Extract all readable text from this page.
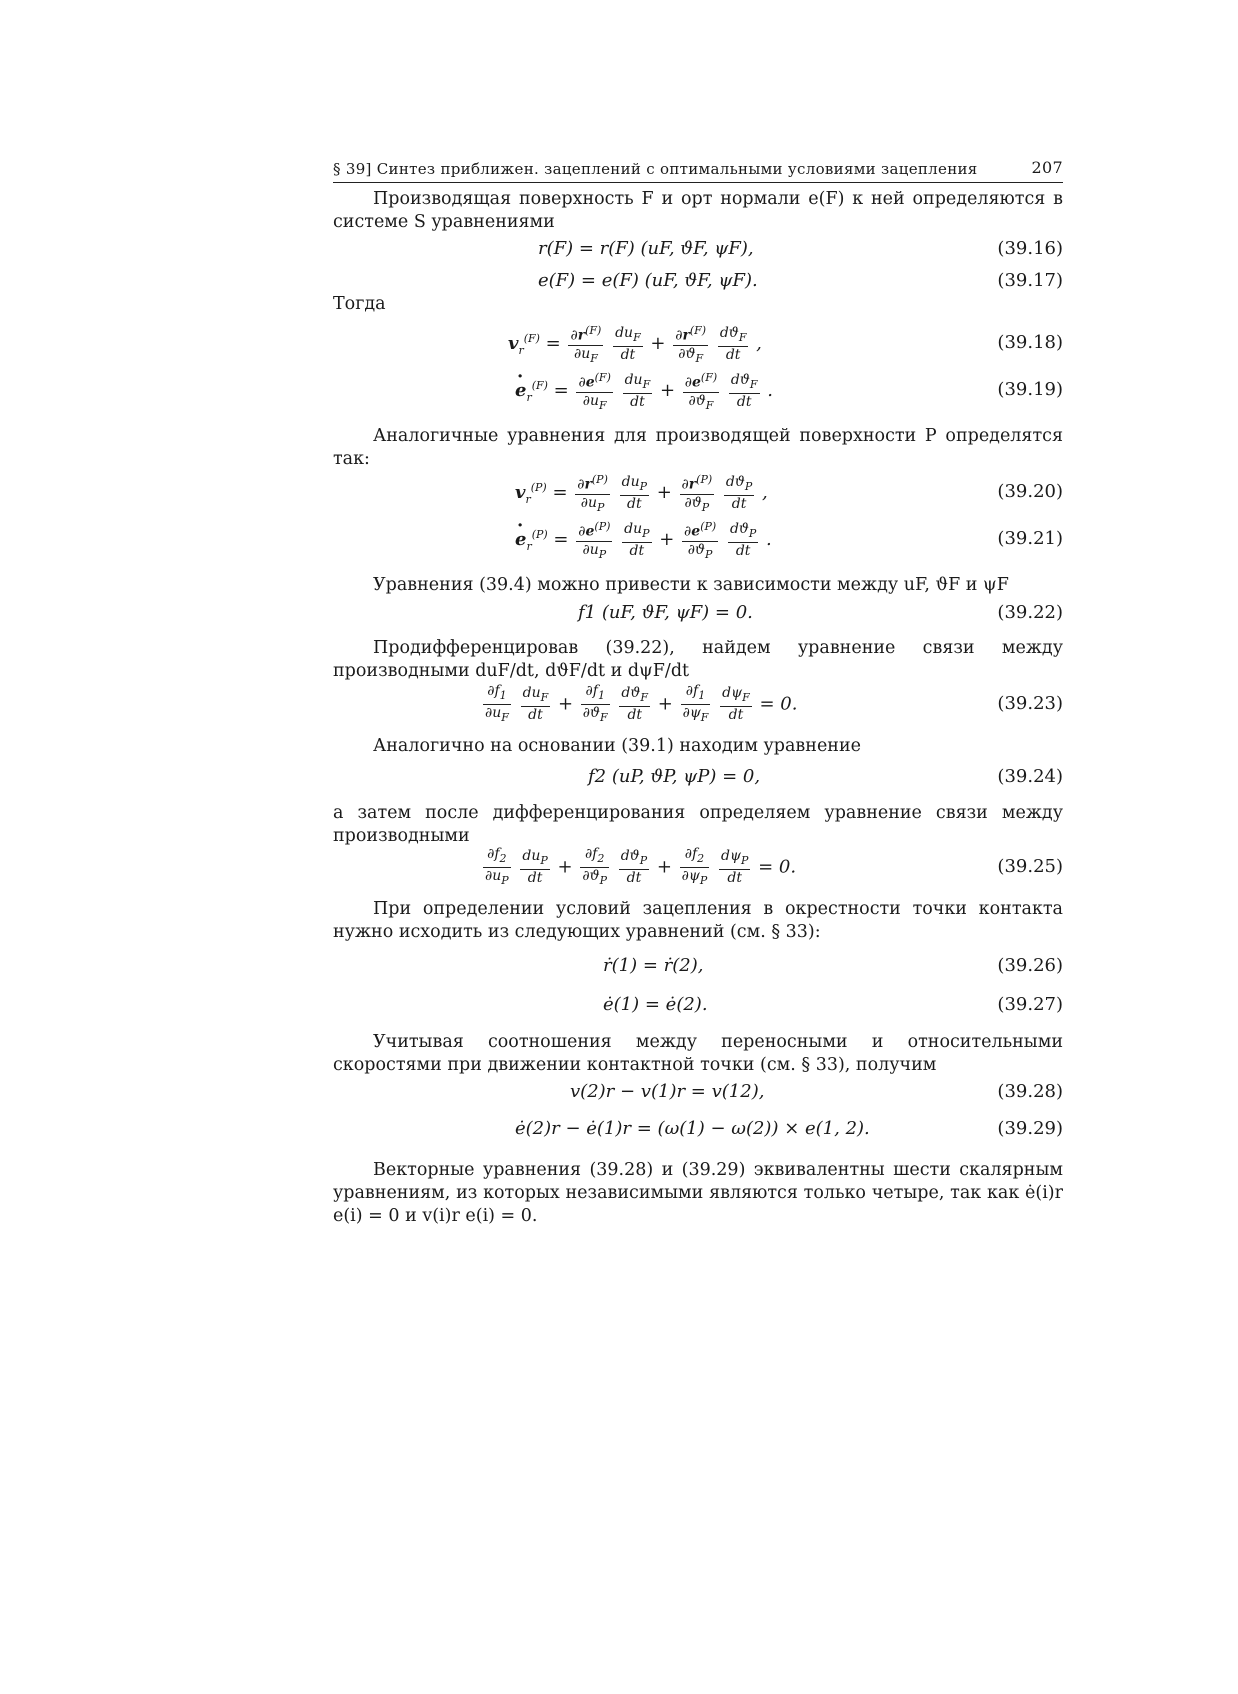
§ 39] Синтез приближен. зацеплений с оптимальными условиями зацепления	207
Производящая поверхность F и орт нормали e(F) к ней определяются в системе S уравнениями
r(F) = r(F) (uF, ϑF, ψF),	(39.16)
e(F) = e(F) (uF, ϑF, ψF).	(39.17)
Тогда
$v_r^{(F)} = \frac{\partial r^{(F)}}{\partial u_F}$
$\frac{du_F}{dt} + \frac{\partial r^{(F)}}{\partial ϑ_F}$
$\frac{dϑ_F}{dt}$ ,	(39.18)
· $e_r^{(F)} = \frac{\partial e^{(F)}}{\partial u_F}$
$\frac{du_F}{dt} + \frac{\partial e^{(F)}}{\partial ϑ_F}$
$\frac{dϑ_F}{dt}$ .	(39.19)
Аналогичные уравнения для производящей поверхности P определятся так:
$v_r^{(P)} = \frac{\partial r^{(P)}}{\partial u_P}$
$\frac{du_P}{dt} + \frac{\partial r^{(P)}}{\partial ϑ_P}$
$\frac{dϑ_P}{dt}$ ,	(39.20)
· $e_r^{(P)} = \frac{\partial e^{(P)}}{\partial u_P}$
$\frac{du_P}{dt} + \frac{\partial e^{(P)}}{\partial ϑ_P}$
$\frac{dϑ_P}{dt}$ .	(39.21)
Уравнения (39.4) можно привести к зависимости между uF, ϑF и ψF
f1 (uF, ϑF, ψF) = 0.	(39.22)
Продифференцировав (39.22), найдем уравнение связи между производными duF/dt, dϑF/dt и dψF/dt
$\frac{\partial f_1}{\partial u_F}$
$\frac{du_F}{dt} + \frac{\partial f_1}{\partial ϑ_F}$
$\frac{dϑ_F}{dt} + \frac{\partial f_1}{\partial\psi_F}$
$\frac{d\psi_F}{dt} = 0$.	(39.23)
Аналогично на основании (39.1) находим уравнение
f2 (uP, ϑP, ψP) = 0,	(39.24)
а затем после дифференцирования определяем уравнение связи между производными
$\frac{\partial f_2}{\partial u_P}$
$\frac{du_P}{dt} + \frac{\partial f_2}{\partial ϑ_P}$
$\frac{dϑ_P}{dt} + \frac{\partial f_2}{\partial\psi_P}$
$\frac{d\psi_P}{dt} = 0$.	(39.25)
При определении условий зацепления в окрестности точки контакта нужно исходить из следующих уравнений (см. § 33):
ṙ(1) = ṙ(2),	(39.26)
ė(1) = ė(2).	(39.27)
Учитывая соотношения между переносными и относительными скоростями при движении контактной точки (см. § 33), получим
v(2)r − v(1)r = v(12),	(39.28)
ė(2)r − ė(1)r = (ω(1) − ω(2)) × e(1, 2).	(39.29)
Векторные уравнения (39.28) и (39.29) эквивалентны шести скалярным уравнениям, из которых независимыми являются только четыре, так как ė(i)r e(i) = 0 и v(i)r e(i) = 0.
